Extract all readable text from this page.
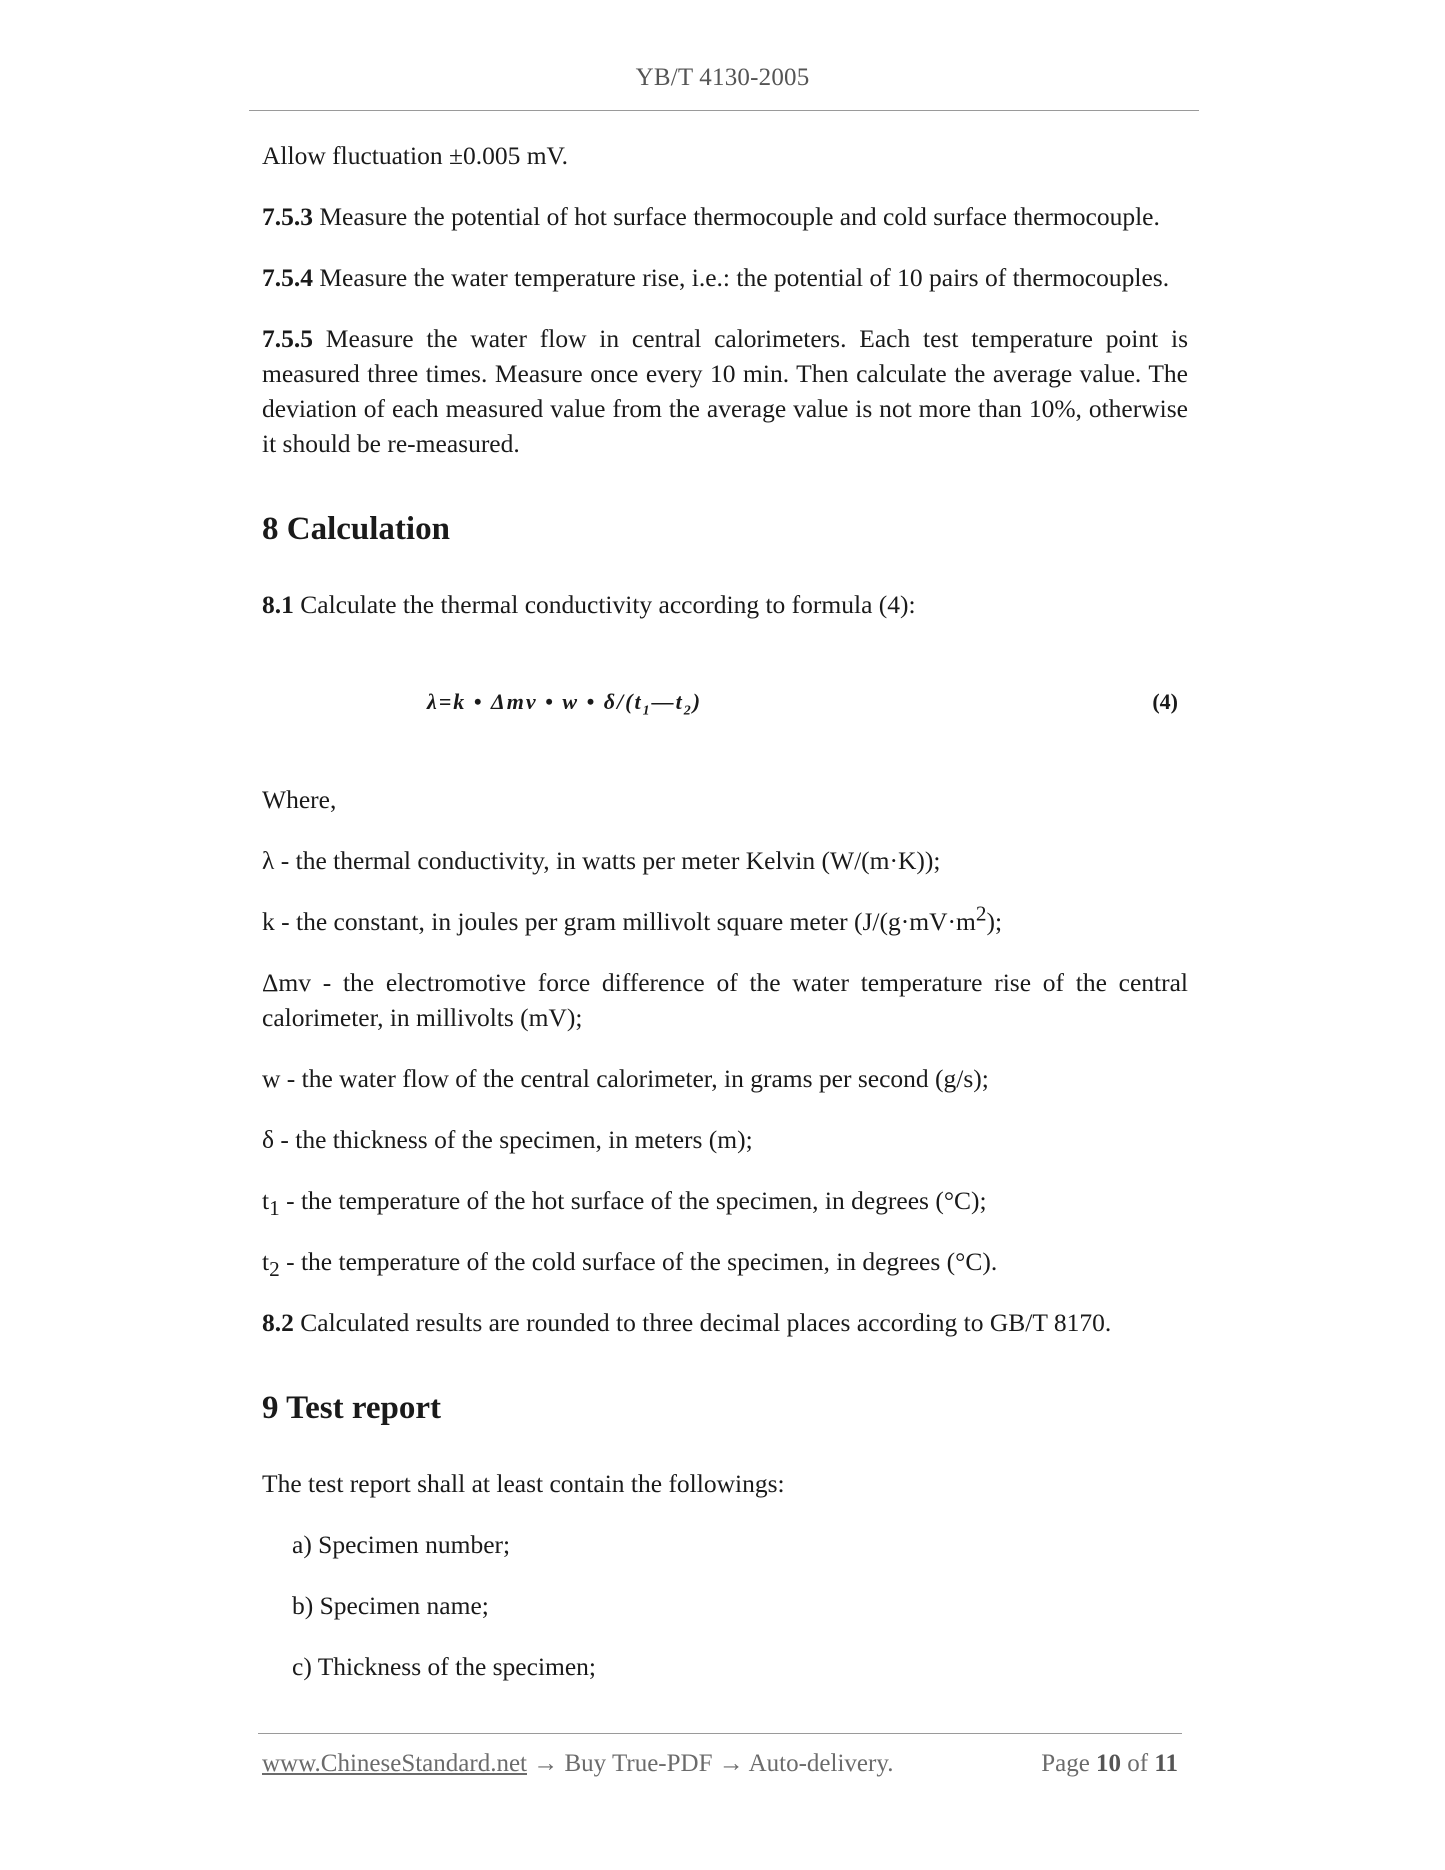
YB/T 4130-2005

Allow fluctuation ±0.005 mV.

7.5.3 Measure the potential of hot surface thermocouple and cold surface thermocouple.

7.5.4 Measure the water temperature rise, i.e.: the potential of 10 pairs of thermocouples.

7.5.5 Measure the water flow in central calorimeters. Each test temperature point is measured three times. Measure once every 10 min. Then calculate the average value. The deviation of each measured value from the average value is not more than 10%, otherwise it should be re-measured.

8 Calculation

8.1 Calculate the thermal conductivity according to formula (4):

λ=k • Δmv • w • $\delta/(t_1—t_2)$	(4)

Where,

λ - the thermal conductivity, in watts per meter Kelvin (W/(m·K));

k - the constant, in joules per gram millivolt square meter ($J/(g\cdot mV\cdot m^2)$;

Δmv - the electromotive force difference of the water temperature rise of the central calorimeter, in millivolts (mV);

w - the water flow of the central calorimeter, in grams per second (g/s);

δ - the thickness of the specimen, in meters (m);

$t_1$ - the temperature of the hot surface of the specimen, in degrees (°C);

$t_2$ - the temperature of the cold surface of the specimen, in degrees (°C).

8.2 Calculated results are rounded to three decimal places according to GB/T 8170.

9 Test report

The test report shall at least contain the followings:

a) Specimen number;

b) Specimen name;

c) Thickness of the specimen;

www.ChineseStandard.net → Buy True-PDF → Auto-delivery.	Page 10 of 11
